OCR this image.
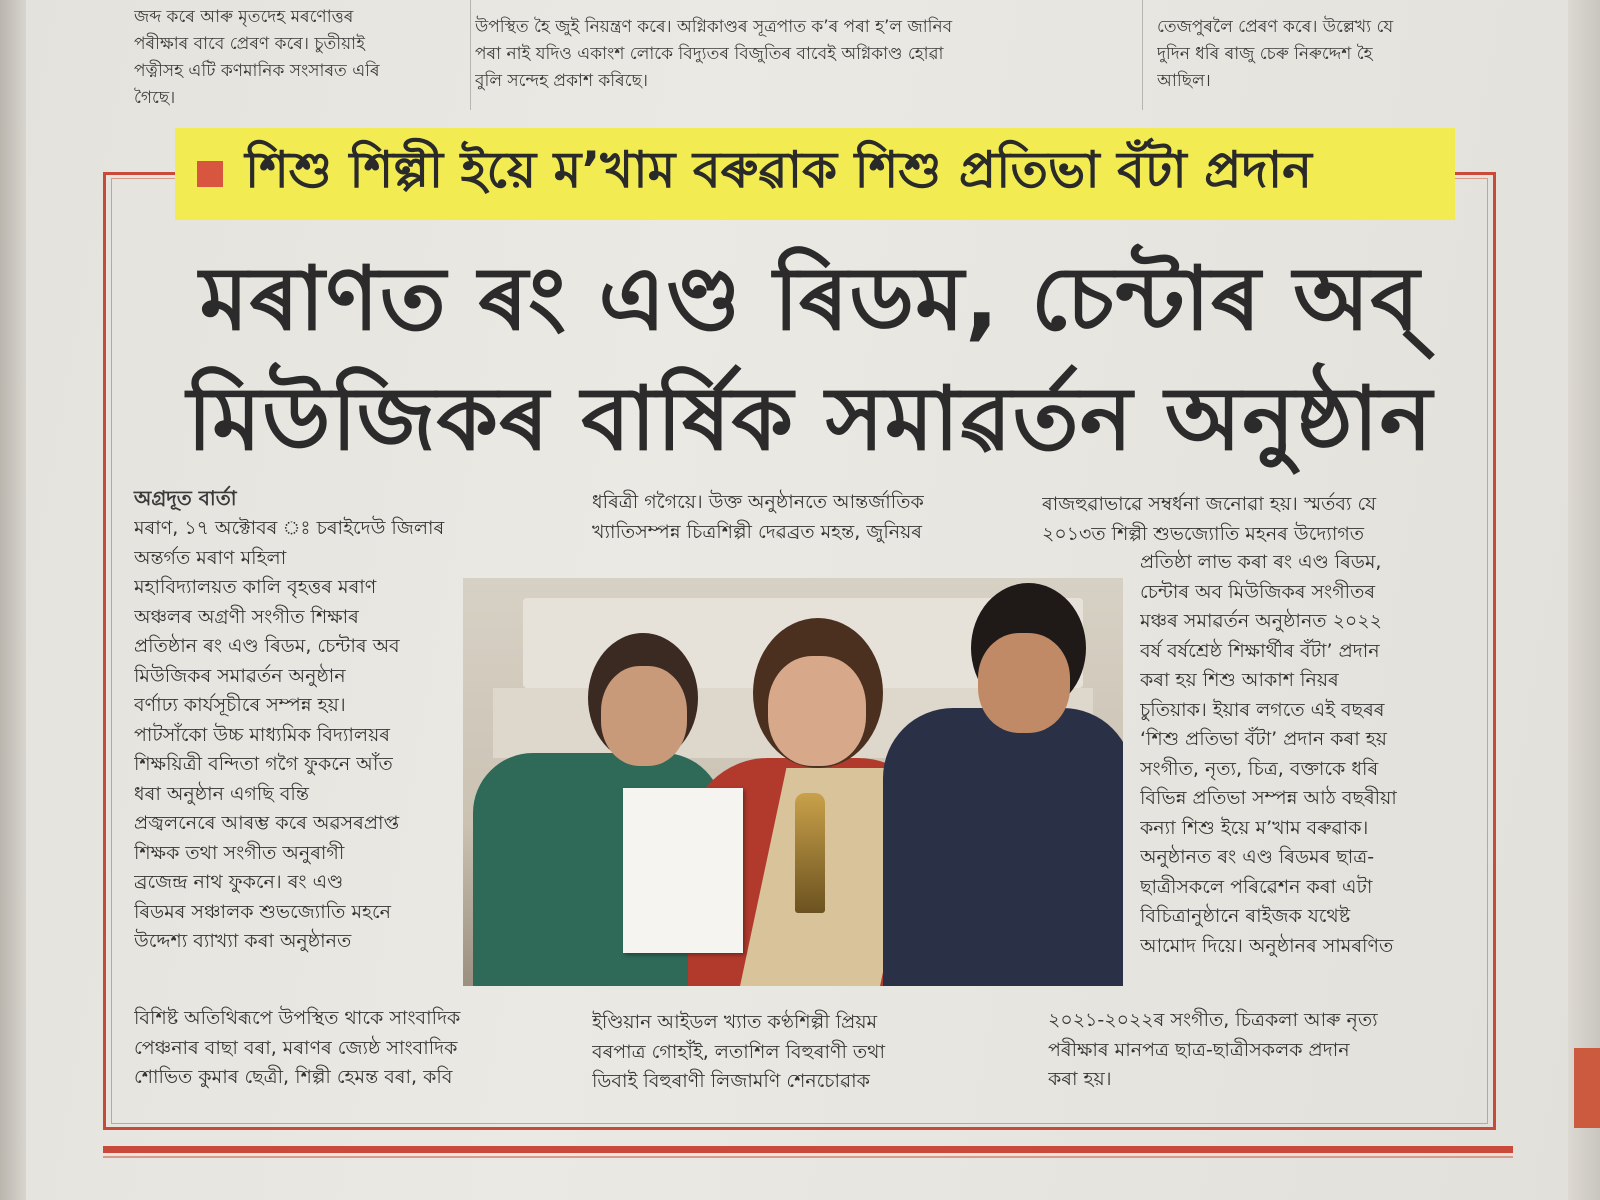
জব্দ কৰে আৰু মৃতদেহ মৰণোত্তৰ
পৰীক্ষাৰ বাবে প্ৰেৰণ কৰে। চুতীয়াই
পত্নীসহ এটি কণমানিক সংসাৰত এৰি
গৈছে।
উপস্থিত হৈ জুই নিয়ন্ত্ৰণ কৰে। অগ্নিকাণ্ডৰ সূত্ৰপাত ক’ৰ পৰা হ’ল জানিব
পৰা নাই যদিও একাংশ লোকে বিদ্যুতৰ বিজুতিৰ বাবেই অগ্নিকাণ্ড হোৱা
বুলি সন্দেহ প্ৰকাশ কৰিছে।
তেজপুৰলৈ প্ৰেৰণ কৰে। উল্লেখ্য যে
দুদিন ধৰি ৰাজু চেৰু নিৰুদ্দেশ হৈ
আছিল।
শিশু শিল্পী ইয়ে ম’খাম বৰুৱাক শিশু প্ৰতিভা বঁটা প্ৰদান
মৰাণত ৰং এণ্ড ৰিডম, চেন্টাৰ অব্
মিউজিকৰ বাৰ্ষিক সমাৱৰ্তন অনুষ্ঠান
অগ্ৰদূত বাৰ্তা
মৰাণ, ১৭ অক্টোবৰ ঃ চৰাইদেউ জিলাৰ
অন্তৰ্গত মৰাণ মহিলা
মহাবিদ্যালয়ত কালি বৃহত্তৰ মৰাণ
অঞ্চলৰ অগ্ৰণী সংগীত শিক্ষাৰ
প্ৰতিষ্ঠান ৰং এণ্ড ৰিডম, চেন্টাৰ অব
মিউজিকৰ সমাৱৰ্তন অনুষ্ঠান
বৰ্ণাঢ্য কাৰ্যসূচীৰে সম্পন্ন হয়।
পাটসাঁকো উচ্চ মাধ্যমিক বিদ্যালয়ৰ
শিক্ষয়িত্ৰী বন্দিতা গগৈ ফুকনে আঁত
ধৰা অনুষ্ঠান এগছি বন্তি
প্ৰজ্বলনেৰে আৰম্ভ কৰে অৱসৰপ্ৰাপ্ত
শিক্ষক তথা সংগীত অনুৰাগী
ব্ৰজেন্দ্ৰ নাথ ফুকনে। ৰং এণ্ড
ৰিডমৰ সঞ্চালক শুভজ্যোতি মহনে
উদ্দেশ্য ব্যাখ্যা কৰা অনুষ্ঠানত
ধৰিত্ৰী গগৈয়ে। উক্ত অনুষ্ঠানতে আন্তৰ্জাতিক
খ্যাতিসম্পন্ন চিত্ৰশিল্পী দেৱব্ৰত মহন্ত, জুনিয়ৰ
ৰাজহুৱাভাৱে সম্বৰ্ধনা জনোৱা হয়। স্মৰ্তব্য যে
২০১৩ত শিল্পী শুভজ্যোতি মহনৰ উদ্যোগত
প্ৰতিষ্ঠা লাভ কৰা ৰং এণ্ড ৰিডম,
চেন্টাৰ অব মিউজিকৰ সংগীতৰ
মঞ্চৰ সমাৱৰ্তন অনুষ্ঠানত ২০২২
বৰ্ষ বৰ্ষশ্ৰেষ্ঠ শিক্ষাৰ্থীৰ বঁটা’ প্ৰদান
কৰা হয় শিশু আকাশ নিয়ৰ
চুতিয়াক। ইয়াৰ লগতে এই বছৰৰ
‘শিশু প্ৰতিভা বঁটা’ প্ৰদান কৰা হয়
সংগীত, নৃত্য, চিত্ৰ, বক্তাকে ধৰি
বিভিন্ন প্ৰতিভা সম্পন্ন আঠ বছৰীয়া
কন্যা শিশু ইয়ে ম’খাম বৰুৱাক।
অনুষ্ঠানত ৰং এণ্ড ৰিডমৰ ছাত্ৰ-
ছাত্ৰীসকলে পৰিৱেশন কৰা এটা
বিচিত্ৰানুষ্ঠানে ৰাইজক যথেষ্ট
আমোদ দিয়ে। অনুষ্ঠানৰ সামৰণিত
বিশিষ্ট অতিথিৰূপে উপস্থিত থাকে সাংবাদিক
পেঞ্চনাৰ বাছা বৰা, মৰাণৰ জ্যেষ্ঠ সাংবাদিক
শোভিত কুমাৰ ছেত্ৰী, শিল্পী হেমন্ত বৰা, কবি
ইণ্ডিয়ান আইডল খ্যাত কণ্ঠশিল্পী প্ৰিয়ম
বৰপাত্ৰ গোহাঁই, লতাশিল বিহুৰাণী তথা
ডিবাই বিহুৰাণী লিজামণি শেনচোৱাক
২০২১-২০২২ৰ সংগীত, চিত্ৰকলা আৰু নৃত্য
পৰীক্ষাৰ মানপত্ৰ ছাত্ৰ-ছাত্ৰীসকলক প্ৰদান
কৰা হয়।
